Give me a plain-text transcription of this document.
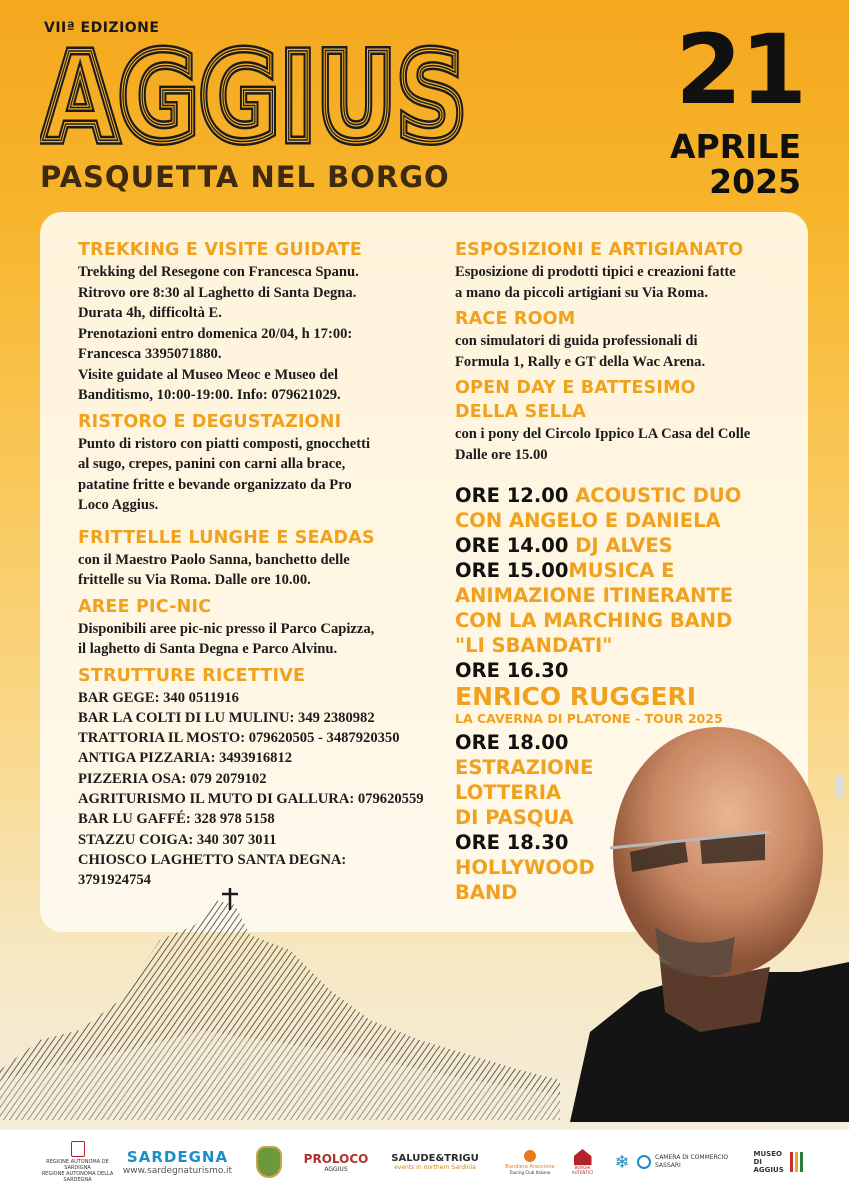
VIIª EDIZIONE
AGGIUS
AGGIUS
AGGIUS
PASQUETTA NEL BORGO
21
APRILE
2025
TREKKING E VISITE GUIDATE
Trekking del Resegone con Francesca Spanu.
Ritrovo ore 8:30 al Laghetto di Santa Degna.
Durata 4h, difficoltà E.
Prenotazioni entro domenica 20/04, h 17:00:
Francesca 3395071880.
Visite guidate al Museo Meoc e Museo del
Banditismo, 10:00-19:00. Info: 079621029.
RISTORO E DEGUSTAZIONI
Punto di ristoro con piatti composti, gnocchetti
al sugo, crepes, panini con carni alla brace,
patatine fritte e bevande organizzato da Pro
Loco Aggius.
FRITTELLE LUNGHE E SEADAS
con il Maestro Paolo Sanna, banchetto delle
frittelle su Via Roma. Dalle ore 10.00.
AREE PIC-NIC
Disponibili aree pic-nic presso il Parco Capizza,
il laghetto di Santa Degna e Parco Alvinu.
STRUTTURE RICETTIVE
BAR GEGE: 340 0511916
BAR LA COLTI DI LU MULINU: 349 2380982
TRATTORIA IL MOSTO: 079620505 - 3487920350
ANTIGA PIZZARIA: 3493916812
PIZZERIA OSA: 079 2079102
AGRITURISMO IL MUTO DI GALLURA: 079620559
BAR LU GAFFÉ: 328 978 5158
STAZZU COIGA: 340 307 3011
CHIOSCO LAGHETTO SANTA DEGNA:
3791924754
ESPOSIZIONI E ARTIGIANATO
Esposizione di prodotti tipici e creazioni fatte
a mano da piccoli artigiani su Via Roma.
RACE ROOM
con simulatori di guida professionali di
Formula 1, Rally e GT della Wac Arena.
OPEN DAY E BATTESIMO
DELLA SELLA
con i pony del Circolo Ippico LA Casa del Colle
Dalle ore 15.00
ORE 12.00 ACOUSTIC DUO
CON ANGELO E DANIELA
ORE 14.00 DJ ALVES
ORE 15.00MUSICA E
ANIMAZIONE ITINERANTE
CON LA MARCHING BAND
"LI SBANDATI"
ORE 16.30
ENRICO RUGGERI
LA CAVERNA DI PLATONE - TOUR 2025
ORE 18.00
ESTRAZIONE
LOTTERIA
DI PASQUA
ORE 18.30
HOLLYWOOD
BAND
REGIONE AUTONOMA DE SARDIGNA
REGIONE AUTONOMA DELLA SARDEGNA
SARDEGNA
www.sardegnaturismo.it
PROLOCO
AGGIUS
SALUDE&TRIGU
events in northern Sardinia	Bandiera Arancione
Touring Club Italiano
BORGHI AUTENTICI	❄	CAMERA DI COMMERCIO
SASSARI
MUSEO DI AGGIUS
